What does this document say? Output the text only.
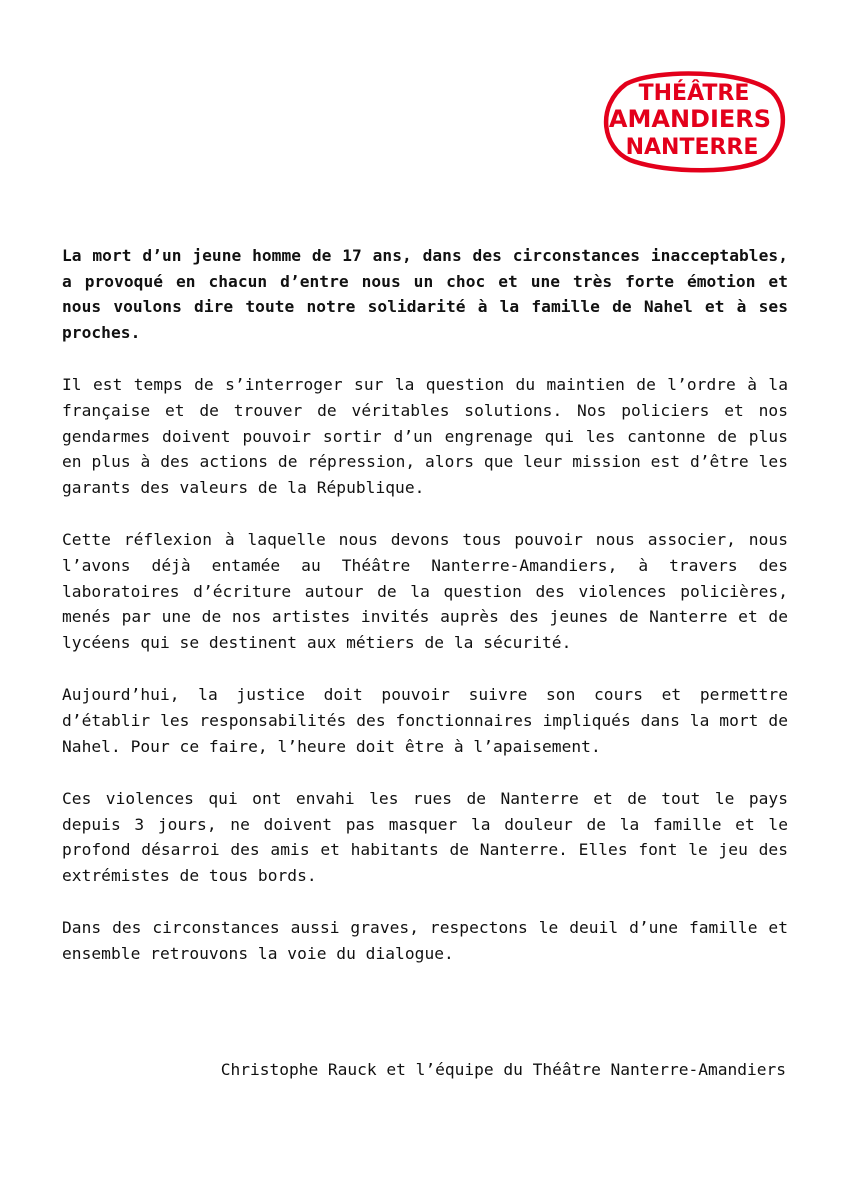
THÉÂTRE
AMANDIERS
NANTERRE

La mort d’un jeune homme de 17 ans, dans des circonstances inacceptables, a provoqué en chacun d’entre nous un choc et une très forte émotion et nous voulons dire toute notre solidarité à la famille de Nahel et à ses proches.

Il est temps de s’interroger sur la question du maintien de l’ordre à la française et de trouver de véritables solutions. Nos policiers et nos gendarmes doivent pouvoir sortir d’un engrenage qui les cantonne de plus en plus à des actions de répression, alors que leur mission est d’être les garants des valeurs de la République.

Cette réflexion à laquelle nous devons tous pouvoir nous associer, nous l’avons déjà entamée au Théâtre Nanterre-Amandiers, à travers des laboratoires d’écriture autour de la question des violences policières, menés par une de nos artistes invités auprès des jeunes de Nanterre et de lycéens qui se destinent aux métiers de la sécurité.

Aujourd’hui, la justice doit pouvoir suivre son cours et permettre d’établir les responsabilités des fonctionnaires impliqués dans la mort de Nahel. Pour ce faire, l’heure doit être à l’apaisement.

Ces violences qui ont envahi les rues de Nanterre et de tout le pays depuis 3 jours, ne doivent pas masquer la douleur de la famille et le profond désarroi des amis et habitants de Nanterre. Elles font le jeu des extrémistes de tous bords.

Dans des circonstances aussi graves, respectons le deuil d’une famille et ensemble retrouvons la voie du dialogue.

Christophe Rauck et l’équipe du Théâtre Nanterre-Amandiers
